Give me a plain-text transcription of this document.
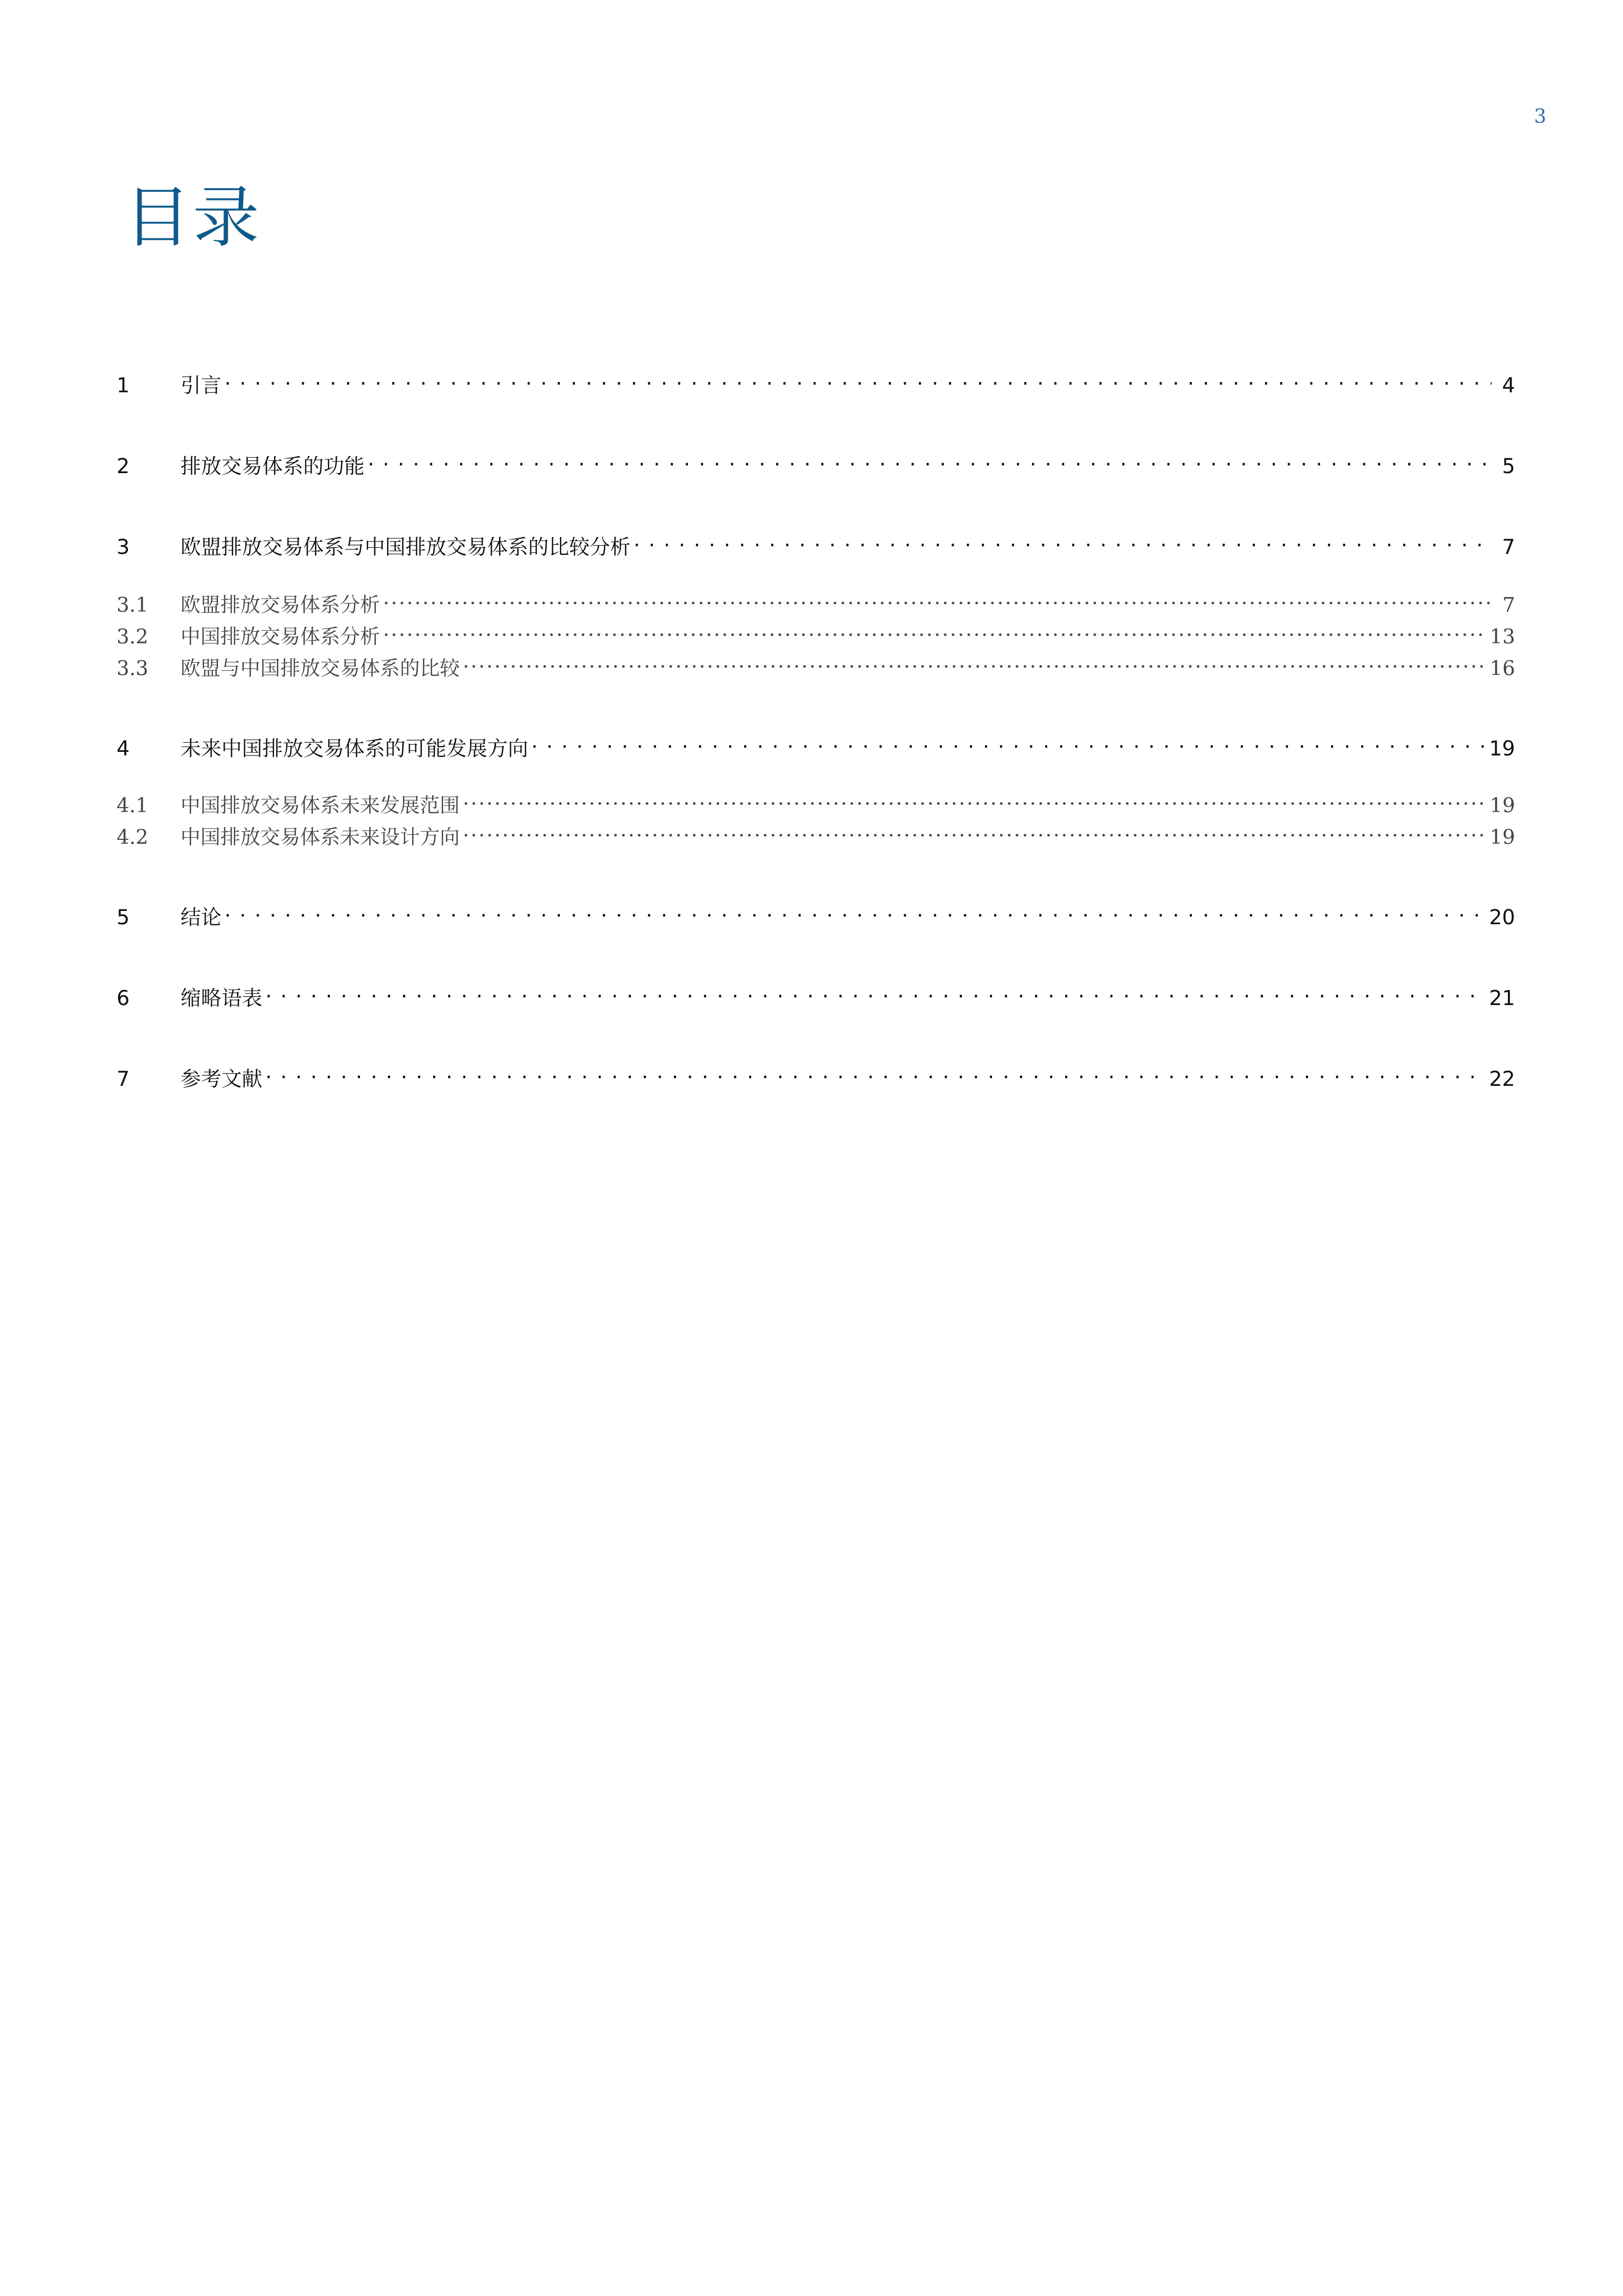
3
目录
1	引言 . . .	4
2	排放交易体系的功能 . . .	5
3	欧盟排放交易体系与中国排放交易体系的比较分析 . . .	7
3.1	欧盟排放交易体系分析 .....	7
3.2	中国排放交易体系分析 .....	13
3.3	欧盟与中国排放交易体系的比较 .....	16
4	未来中国排放交易体系的可能发展方向 . . .	19
4.1	中国排放交易体系未来发展范围 .....	19
4.2	中国排放交易体系未来设计方向 .....	19
5	结论 . . .	20
6	缩略语表 . . .	21
7	参考文献 . . .	22
